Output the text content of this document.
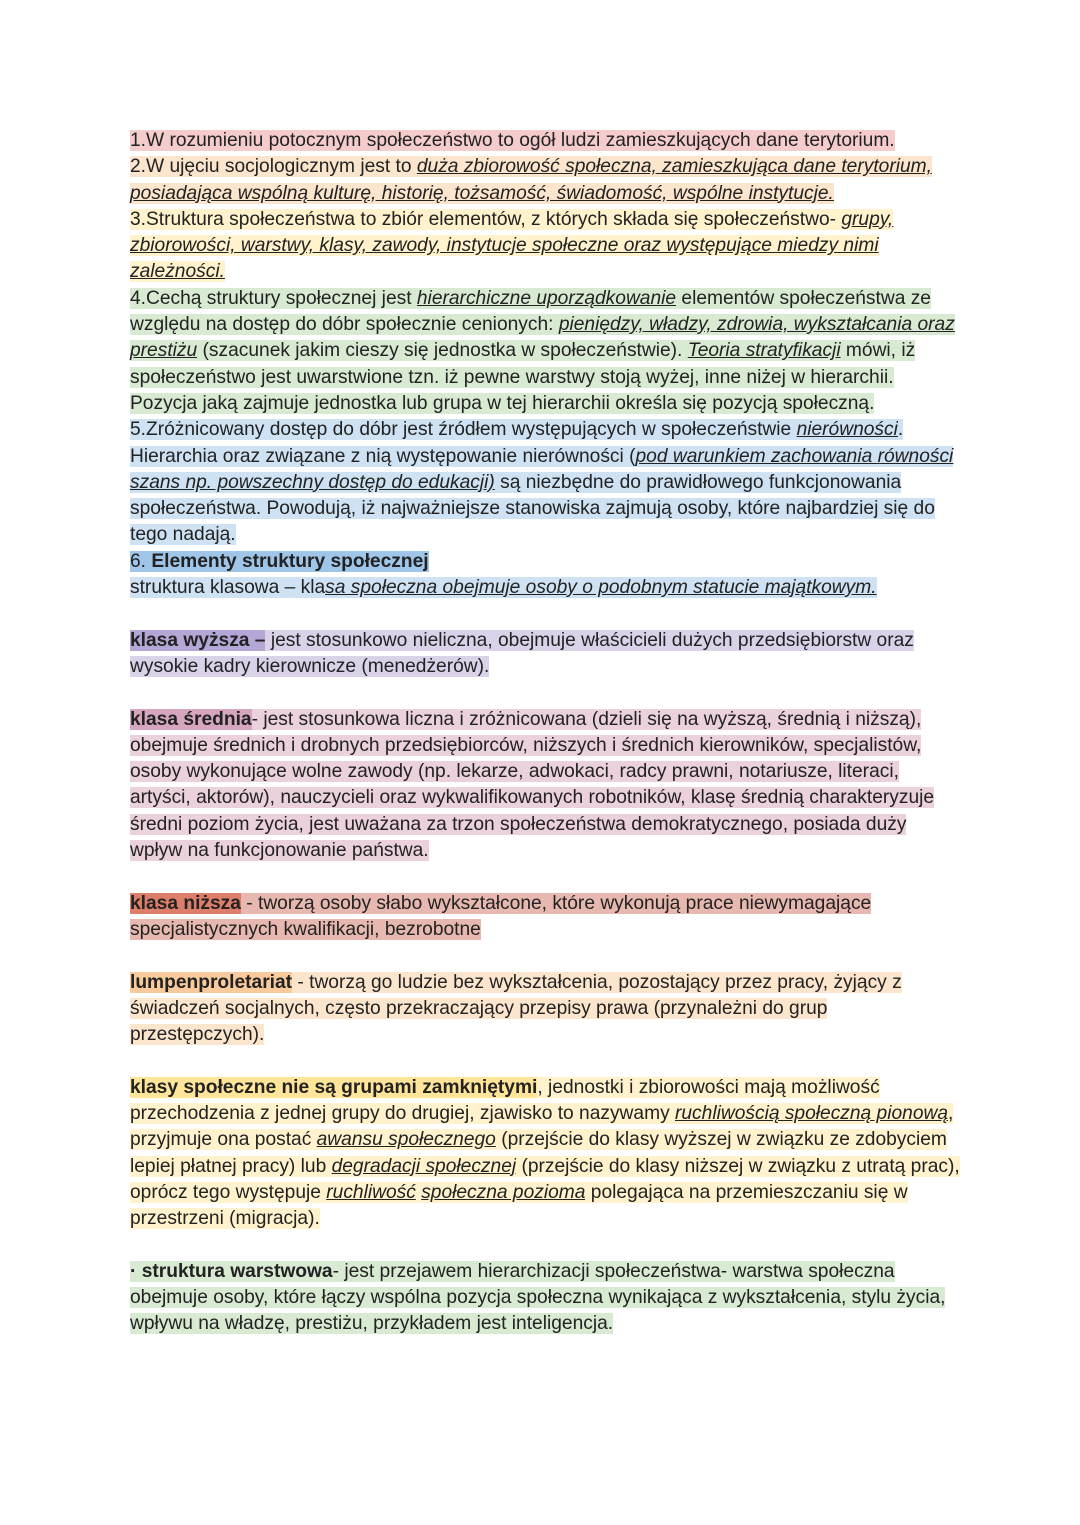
1.W rozumieniu potocznym społeczeństwo to ogół ludzi zamieszkujących dane terytorium.

2.W ujęciu socjologicznym jest to duża zbiorowość społeczna, zamieszkująca dane terytorium, posiadająca wspólną kulturę, historię, tożsamość, świadomość, wspólne instytucje.

3.Struktura społeczeństwa to zbiór elementów, z których składa się społeczeństwo- grupy, zbiorowości, warstwy, klasy, zawody, instytucje społeczne oraz występujące miedzy nimi zależności.

4.Cechą struktury społecznej jest hierarchiczne uporządkowanie elementów społeczeństwa ze względu na dostęp do dóbr społecznie cenionych: pieniędzy, władzy, zdrowia, wykształcania oraz prestiżu (szacunek jakim cieszy się jednostka w społeczeństwie). Teoria stratyfikacji mówi, iż społeczeństwo jest uwarstwione tzn. iż pewne warstwy stoją wyżej, inne niżej w hierarchii. Pozycja jaką zajmuje jednostka lub grupa w tej hierarchii określa się pozycją społeczną.

5.Zróżnicowany dostęp do dóbr jest źródłem występujących w społeczeństwie nierówności. Hierarchia oraz związane z nią występowanie nierówności (pod warunkiem zachowania równości szans np. powszechny dostęp do edukacji) są niezbędne do prawidłowego funkcjonowania społeczeństwa. Powodują, iż najważniejsze stanowiska zajmują osoby, które najbardziej się do tego nadają.

6. Elementy struktury społecznej

struktura klasowa – klasa społeczna obejmuje osoby o podobnym statucie majątkowym.

klasa wyższa – jest stosunkowo nieliczna, obejmuje właścicieli dużych przedsiębiorstw oraz wysokie kadry kierownicze (menedżerów).

klasa średnia- jest stosunkowa liczna i zróżnicowana (dzieli się na wyższą, średnią i niższą), obejmuje średnich i drobnych przedsiębiorców, niższych i średnich kierowników, specjalistów, osoby wykonujące wolne zawody (np. lekarze, adwokaci, radcy prawni, notariusze, literaci, artyści, aktorów), nauczycieli oraz wykwalifikowanych robotników, klasę średnią charakteryzuje średni poziom życia, jest uważana za trzon społeczeństwa demokratycznego, posiada duży wpływ na funkcjonowanie państwa.

klasa niższa - tworzą osoby słabo wykształcone, które wykonują prace niewymagające specjalistycznych kwalifikacji, bezrobotne

lumpenproletariat - tworzą go ludzie bez wykształcenia, pozostający przez pracy, żyjący z świadczeń socjalnych, często przekraczający przepisy prawa (przynależni do grup przestępczych).

klasy społeczne nie są grupami zamkniętymi, jednostki i zbiorowości mają możliwość przechodzenia z jednej grupy do drugiej, zjawisko to nazywamy ruchliwością społeczną pionową, przyjmuje ona postać awansu społecznego (przejście do klasy wyższej w związku ze zdobyciem lepiej płatnej pracy) lub degradacji społecznej (przejście do klasy niższej w związku z utratą prac), oprócz tego występuje ruchliwość społeczna pozioma polegająca na przemieszczaniu się w przestrzeni (migracja).

· struktura warstwowa- jest przejawem hierarchizacji społeczeństwa- warstwa społeczna obejmuje osoby, które łączy wspólna pozycja społeczna wynikająca z wykształcenia, stylu życia, wpływu na władzę, prestiżu, przykładem jest inteligencja.
